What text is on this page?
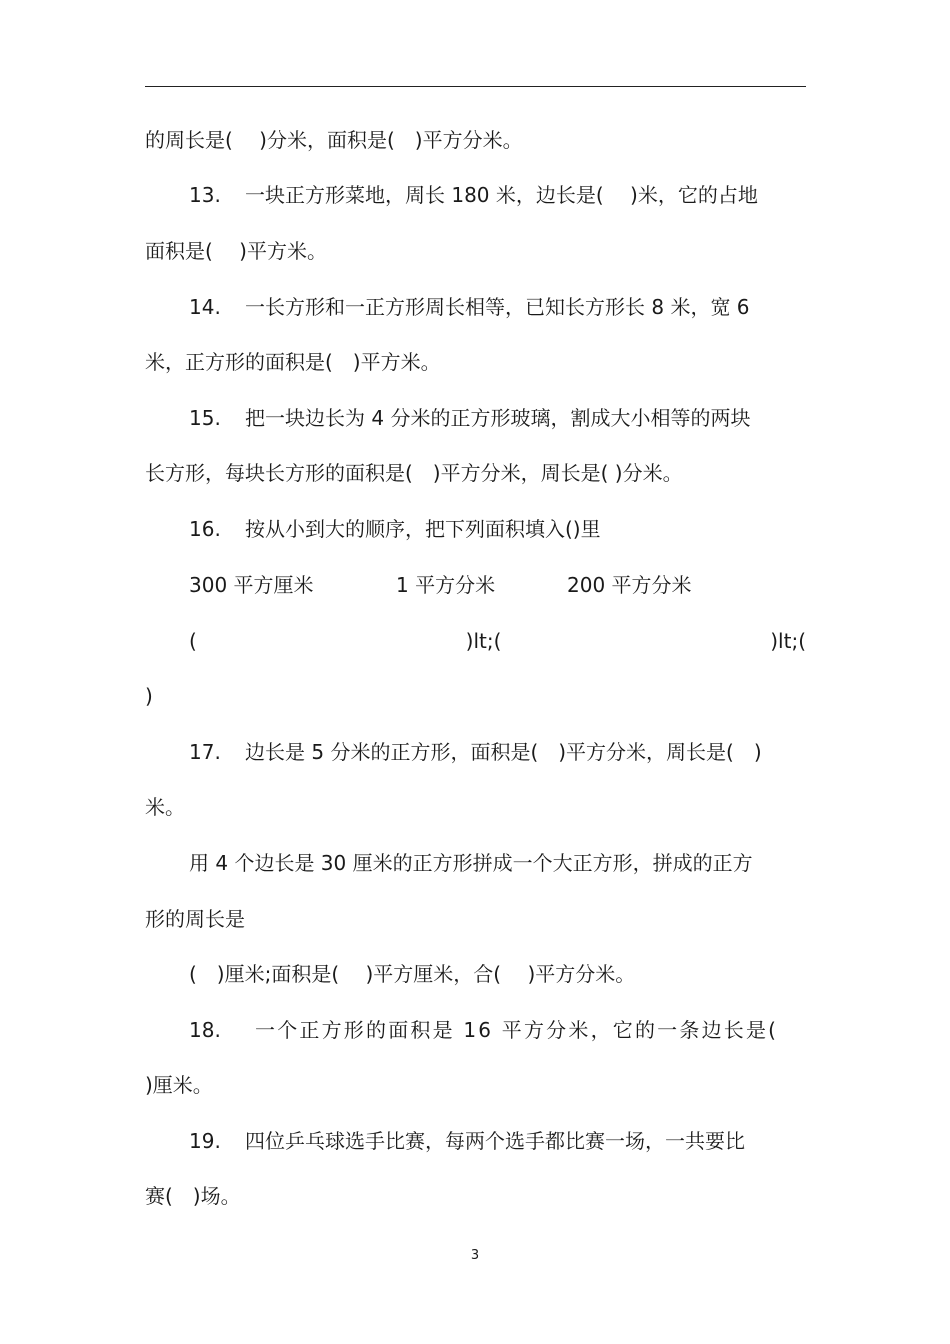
的周长是(　 )分米，面积是(　)平方分米。
13. 一块正方形菜地，周长 180 米，边长是(　 )米，它的占地
面积是(　 )平方米。
14. 一长方形和一正方形周长相等，已知长方形长 8 米，宽 6
米，正方形的面积是(　)平方米。
15. 把一块边长为 4 分米的正方形玻璃，割成大小相等的两块
长方形，每块长方形的面积是(　)平方分米，周长是( )分米。
16. 按从小到大的顺序，把下列面积填入()里
300 平方厘米	1 平方分米	200 平方分米
(	)lt;(	)lt;(
)
17. 边长是 5 分米的正方形，面积是(　)平方分米，周长是(　)
米。
用 4 个边长是 30 厘米的正方形拼成一个大正方形，拼成的正方
形的周长是
(　)厘米;面积是(　 )平方厘米，合(　 )平方分米。
18. 一个正方形的面积是 16 平方分米，它的一条边长是(
)厘米。
19. 四位乒乓球选手比赛，每两个选手都比赛一场，一共要比
赛(　)场。
3
